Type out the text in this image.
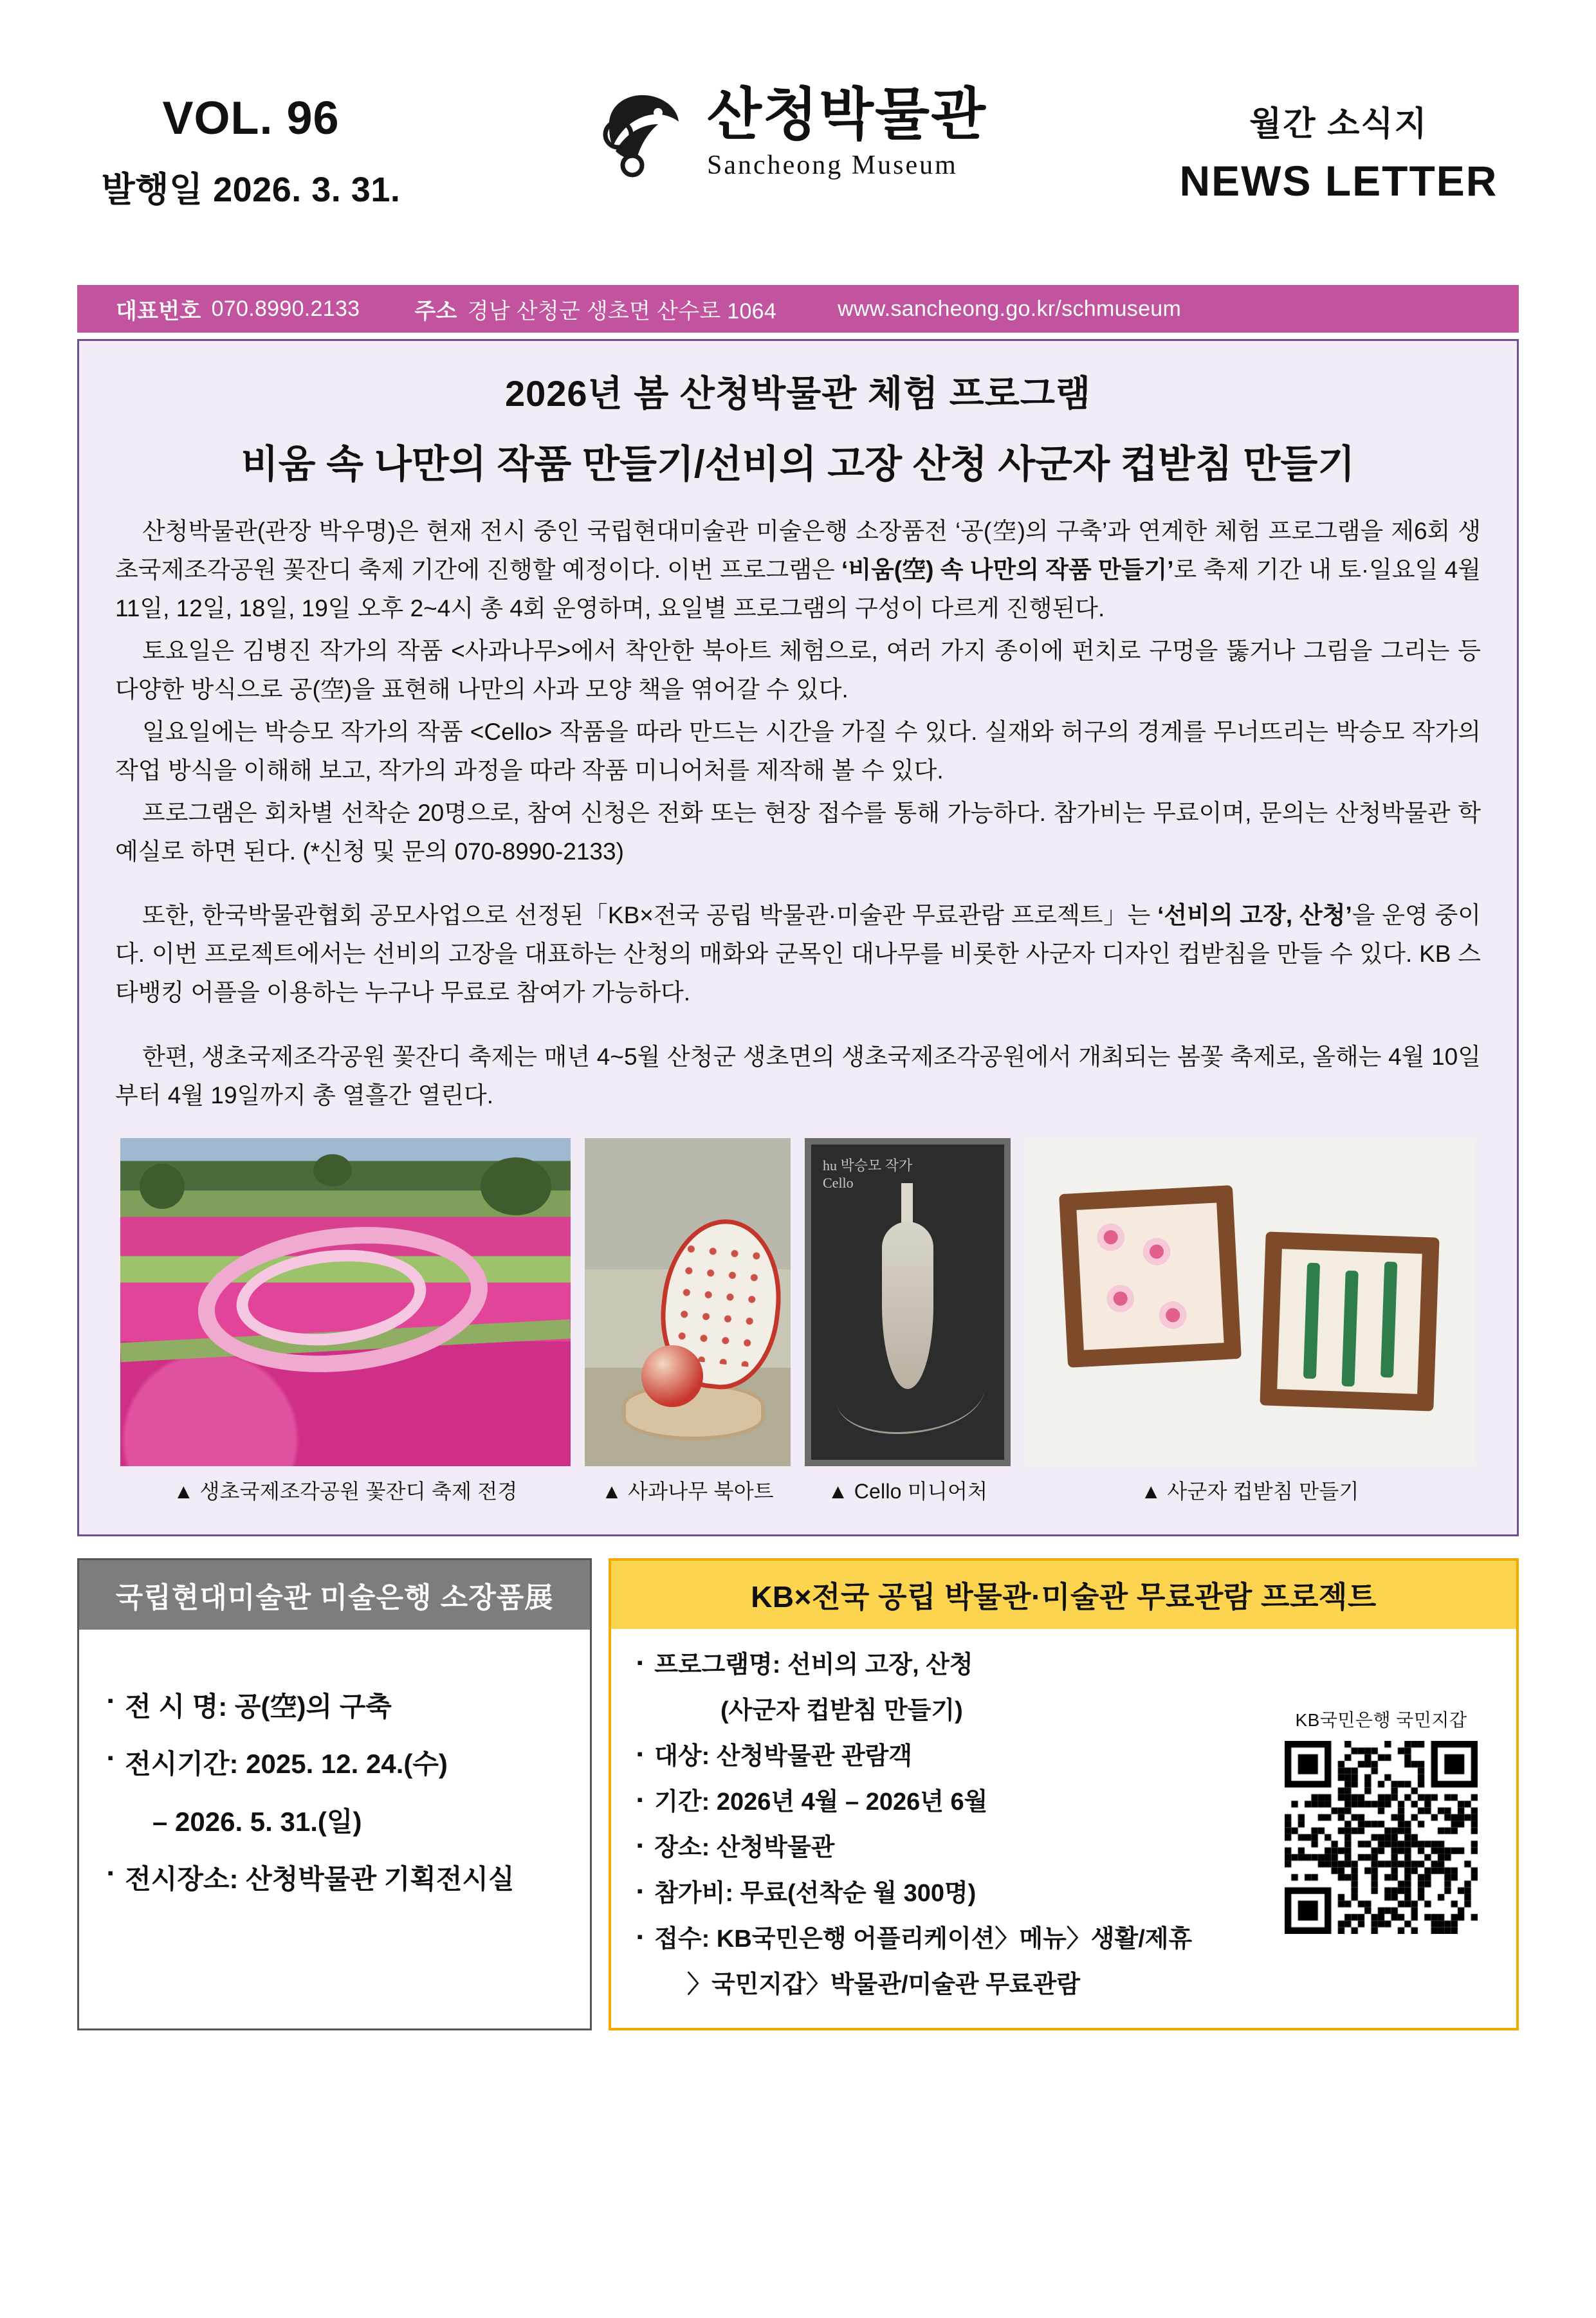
VOL. 96
발행일 2026. 3. 31.
산청박물관
Sancheong Museum
월간 소식지
NEWS LETTER
대표번호 070.8990.2133	주소 경남 산청군 생초면 산수로 1064	www.sancheong.go.kr/schmuseum
2026년 봄 산청박물관 체험 프로그램
비움 속 나만의 작품 만들기/선비의 고장 산청 사군자 컵받침 만들기

산청박물관(관장 박우명)은 현재 전시 중인 국립현대미술관 미술은행 소장품전 ‘공(空)의 구축’과 연계한 체험 프로그램을 제6회 생초국제조각공원 꽃잔디 축제 기간에 진행할 예정이다. 이번 프로그램은 ‘비움(空) 속 나만의 작품 만들기’로 축제 기간 내 토·일요일 4월 11일, 12일, 18일, 19일 오후 2~4시 총 4회 운영하며, 요일별 프로그램의 구성이 다르게 진행된다.

토요일은 김병진 작가의 작품 <사과나무>에서 착안한 북아트 체험으로, 여러 가지 종이에 펀치로 구멍을 뚫거나 그림을 그리는 등 다양한 방식으로 공(空)을 표현해 나만의 사과 모양 책을 엮어갈 수 있다.

일요일에는 박승모 작가의 작품 <Cello> 작품을 따라 만드는 시간을 가질 수 있다. 실재와 허구의 경계를 무너뜨리는 박승모 작가의 작업 방식을 이해해 보고, 작가의 과정을 따라 작품 미니어처를 제작해 볼 수 있다.

프로그램은 회차별 선착순 20명으로, 참여 신청은 전화 또는 현장 접수를 통해 가능하다. 참가비는 무료이며, 문의는 산청박물관 학예실로 하면 된다. (*신청 및 문의 070-8990-2133)

또한, 한국박물관협회 공모사업으로 선정된「KB×전국 공립 박물관·미술관 무료관람 프로젝트」는 ‘선비의 고장, 산청’을 운영 중이다. 이번 프로젝트에서는 선비의 고장을 대표하는 산청의 매화와 군목인 대나무를 비롯한 사군자 디자인 컵받침을 만들 수 있다. KB 스타뱅킹 어플을 이용하는 누구나 무료로 참여가 가능하다.

한편, 생초국제조각공원 꽃잔디 축제는 매년 4~5월 산청군 생초면의 생초국제조각공원에서 개최되는 봄꽃 축제로, 올해는 4월 10일부터 4월 19일까지 총 열흘간 열린다.

▲ 생초국제조각공원 꽃잔디 축제 전경	▲ 사과나무 북아트
hu 박승모 작가
Cello
▲ Cello 미니어처	▲ 사군자 컵받침 만들기
국립현대미술관 미술은행 소장품展
▪ 전 시 명: 공(空)의 구축
▪ 전시기간: 2025. 12. 24.(수)
– 2026. 5. 31.(일)
▪ 전시장소: 산청박물관 기획전시실
KB×전국 공립 박물관·미술관 무료관람 프로젝트
▪ 프로그램명: 선비의 고장, 산청
(사군자 컵받침 만들기)
▪ 대상: 산청박물관 관람객
▪ 기간: 2026년 4월 – 2026년 6월
▪ 장소: 산청박물관
▪ 참가비: 무료(선착순 월 300명)
▪ 접수: KB국민은행 어플리케이션〉메뉴〉생활/제휴
〉국민지갑〉박물관/미술관 무료관람
KB국민은행 국민지갑
